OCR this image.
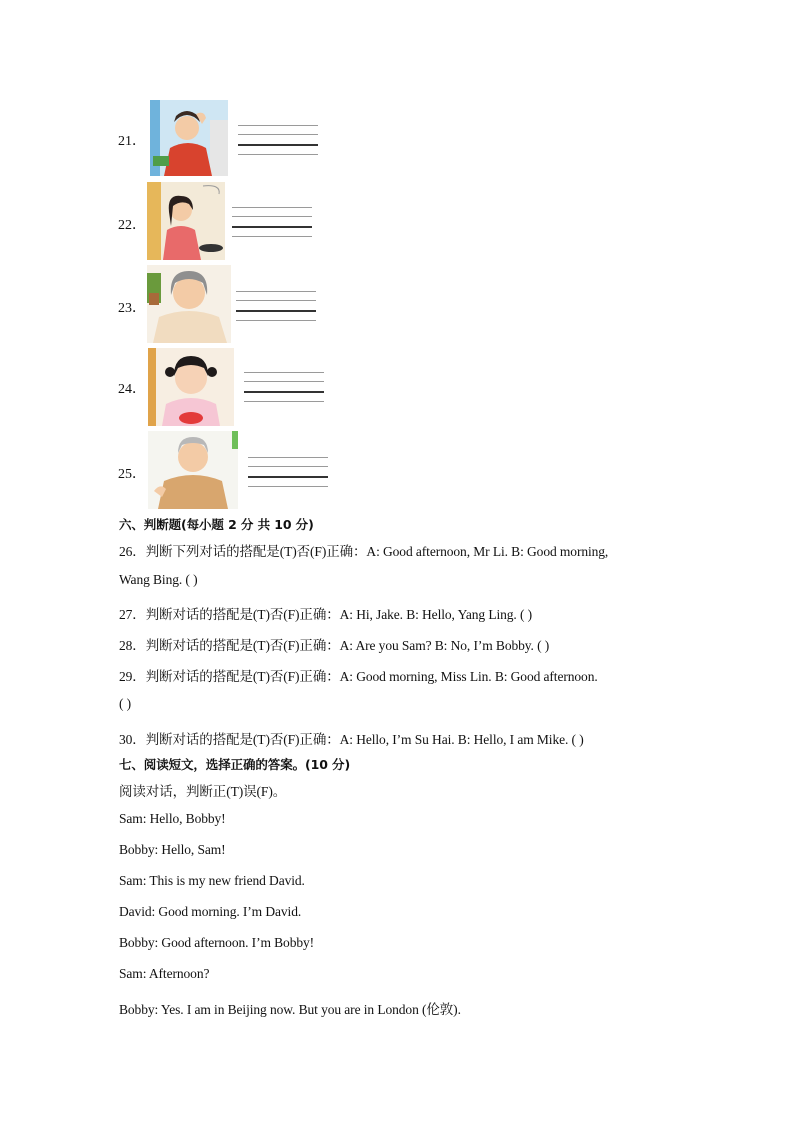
21．
22．
23．
24．
25．
六、判断题(每小题 2 分 共 10 分)
26．判断下列对话的搭配是(T)否(F)正确：A: Good afternoon, Mr Li. B: Good morning,
Wang Bing. ( )
27．判断对话的搭配是(T)否(F)正确：A: Hi, Jake. B: Hello, Yang Ling. ( )
28．判断对话的搭配是(T)否(F)正确：A: Are you Sam? B: No, I’m Bobby. ( )
29．判断对话的搭配是(T)否(F)正确：A: Good morning, Miss Lin. B: Good afternoon.
( )
30．判断对话的搭配是(T)否(F)正确：A: Hello, I’m Su Hai. B: Hello, I am Mike. ( )
七、阅读短文，选择正确的答案。(10 分)
阅读对话，判断正(T)误(F)。
Sam: Hello, Bobby!
Bobby: Hello, Sam!
Sam: This is my new friend David.
David: Good morning. I’m David.
Bobby: Good afternoon. I’m Bobby!
Sam: Afternoon?
Bobby: Yes. I am in Beijing now. But you are in London (伦敦).
